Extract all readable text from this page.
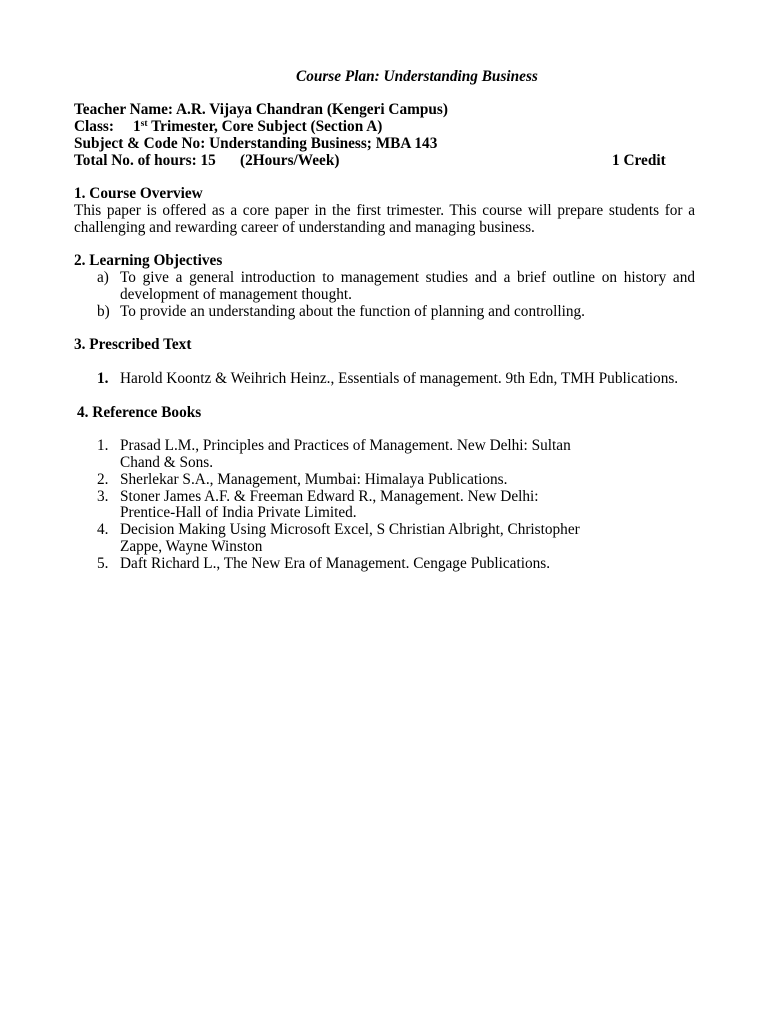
Course Plan: Understanding Business
Teacher Name: A.R. Vijaya Chandran (Kengeri Campus)
Class: 1st Trimester, Core Subject (Section A)
Subject & Code No: Understanding Business; MBA 143
Total No. of hours: 15 (2Hours/Week)	1 Credit
1. Course Overview
This paper is offered as a core paper in the first trimester. This course will prepare students for a
challenging and rewarding career of understanding and managing business.
2. Learning Objectives
a) To give a general introduction to management studies and a brief outline on history and
development of management thought.
b) To provide an understanding about the function of planning and controlling.
3. Prescribed Text
1. Harold Koontz & Weihrich Heinz., Essentials of management. 9th Edn, TMH Publications.
4. Reference Books
1. Prasad L.M., Principles and Practices of Management. New Delhi: Sultan
Chand & Sons.
2. Sherlekar S.A., Management, Mumbai: Himalaya Publications.
3. Stoner James A.F. & Freeman Edward R., Management. New Delhi:
Prentice-Hall of India Private Limited.
4. Decision Making Using Microsoft Excel, S Christian Albright, Christopher
Zappe, Wayne Winston
5. Daft Richard L., The New Era of Management. Cengage Publications.
